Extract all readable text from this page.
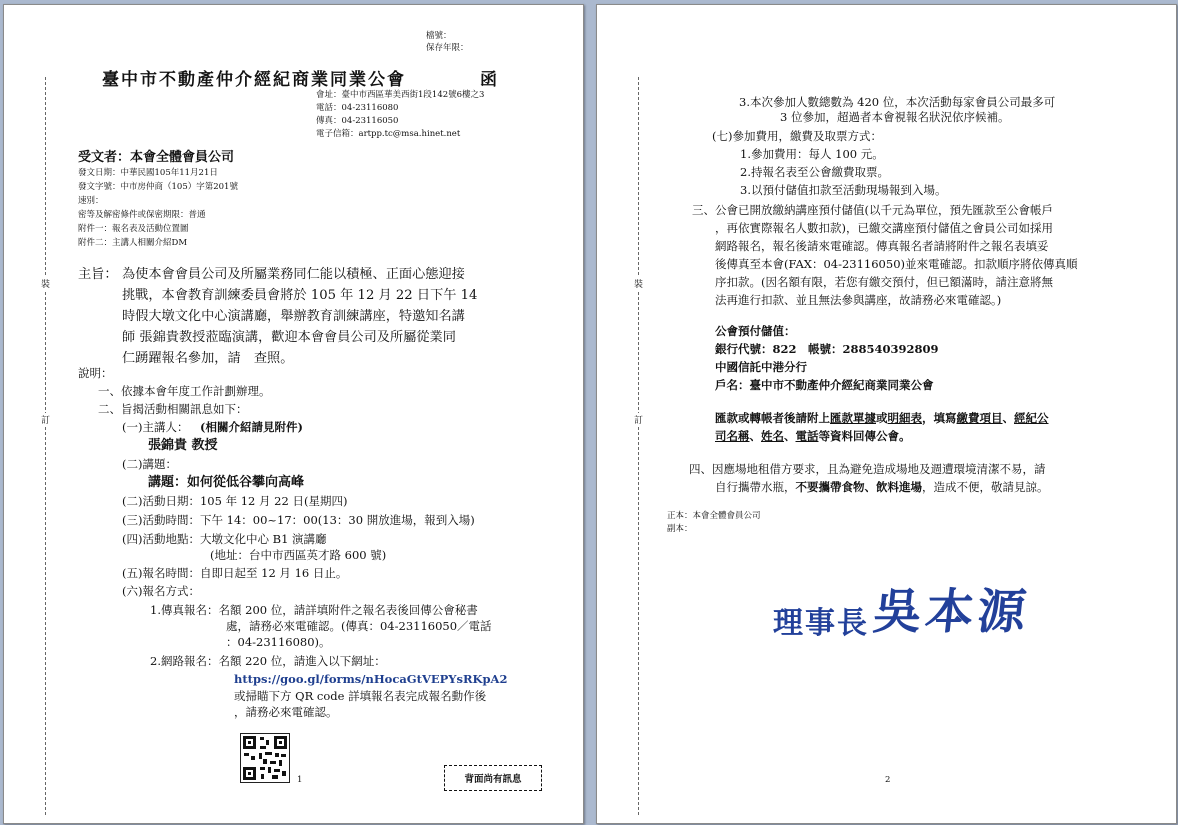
檔號：
保存年限：
臺中市不動產仲介經紀商業同業公會	函
會址：臺中市西區華美西街1段142號6樓之3
電話：04-23116080
傳真：04-23116050
電子信箱：artpp.tc@msa.hinet.net
受文者：本會全體會員公司
發文日期：中華民國105年11月21日
發文字號：中市房仲商（105）字第201號
速別：
密等及解密條件或保密期限：普通
附件一：報名表及活動位置圖
附件二：主講人相關介紹DM
主旨： 為使本會會員公司及所屬業務同仁能以積極、正面心態迎接
挑戰，本會教育訓練委員會將於 105 年 12 月 22 日下午 14
時假大墩文化中心演講廳，舉辦教育訓練講座，特邀知名講
師 張錦貴教授蒞臨演講，歡迎本會會員公司及所屬從業同
仁踴躍報名參加，請　查照。
說明：
一、依據本會年度工作計劃辦理。
二、旨揭活動相關訊息如下：
(一)主講人： (相關介紹請見附件)
張錦貴 教授
(二)講題：
講題：如何從低谷攀向高峰
(二)活動日期：105 年 12 月 22 日(星期四)
(三)活動時間：下午 14：00~17：00(13：30 開放進場，報到入場)
(四)活動地點：大墩文化中心 B1 演講廳
(地址：台中市西區英才路 600 號)
(五)報名時間：自即日起至 12 月 16 日止。
(六)報名方式：
1.傳真報名：名額 200 位，請詳填附件之報名表後回傳公會秘書
處，請務必來電確認。(傳真：04-23116050／電話
：04-23116080)。
2.網路報名：名額 220 位，請進入以下網址：
https://goo.gl/forms/nHocaGtVEPYsRKpA2
或掃瞄下方 QR code 詳填報名表完成報名動作後
，請務必來電確認。
1	背面尚有訊息
裝
訂
3.本次參加人數總數為 420 位，本次活動每家會員公司最多可
3 位參加，超過者本會視報名狀況依序候補。
(七)參加費用，繳費及取票方式：
1.參加費用：每人 100 元。
2.持報名表至公會繳費取票。
3.以預付儲值扣款至活動現場報到入場。
三、公會已開放繳納講座預付儲值(以千元為單位，預先匯款至公會帳戶
，再依實際報名人數扣款)，已繳交講座預付儲值之會員公司如採用
網路報名，報名後請來電確認。傳真報名者請將附件之報名表填妥
後傳真至本會(FAX：04-23116050)並來電確認。扣款順序將依傳真順
序扣款。(因名額有限，若您有繳交預付，但已額滿時，請注意將無
法再進行扣款、並且無法參與講座，故請務必來電確認。)
公會預付儲值：
銀行代號：822　帳號：288540392809
中國信託中港分行
戶名：臺中市不動產仲介經紀商業同業公會
匯款或轉帳者後請附上匯款單據或明細表，填寫繳費項目、經紀公
司名稱、姓名、電話等資料回傳公會。
四、因應場地租借方要求，且為避免造成場地及週遭環境清潔不易，請
自行攜帶水瓶，不要攜帶食物、飲料進場，造成不便，敬請見諒。
正本：本會全體會員公司
副本：
理事長 吳本源
2
裝
訂
